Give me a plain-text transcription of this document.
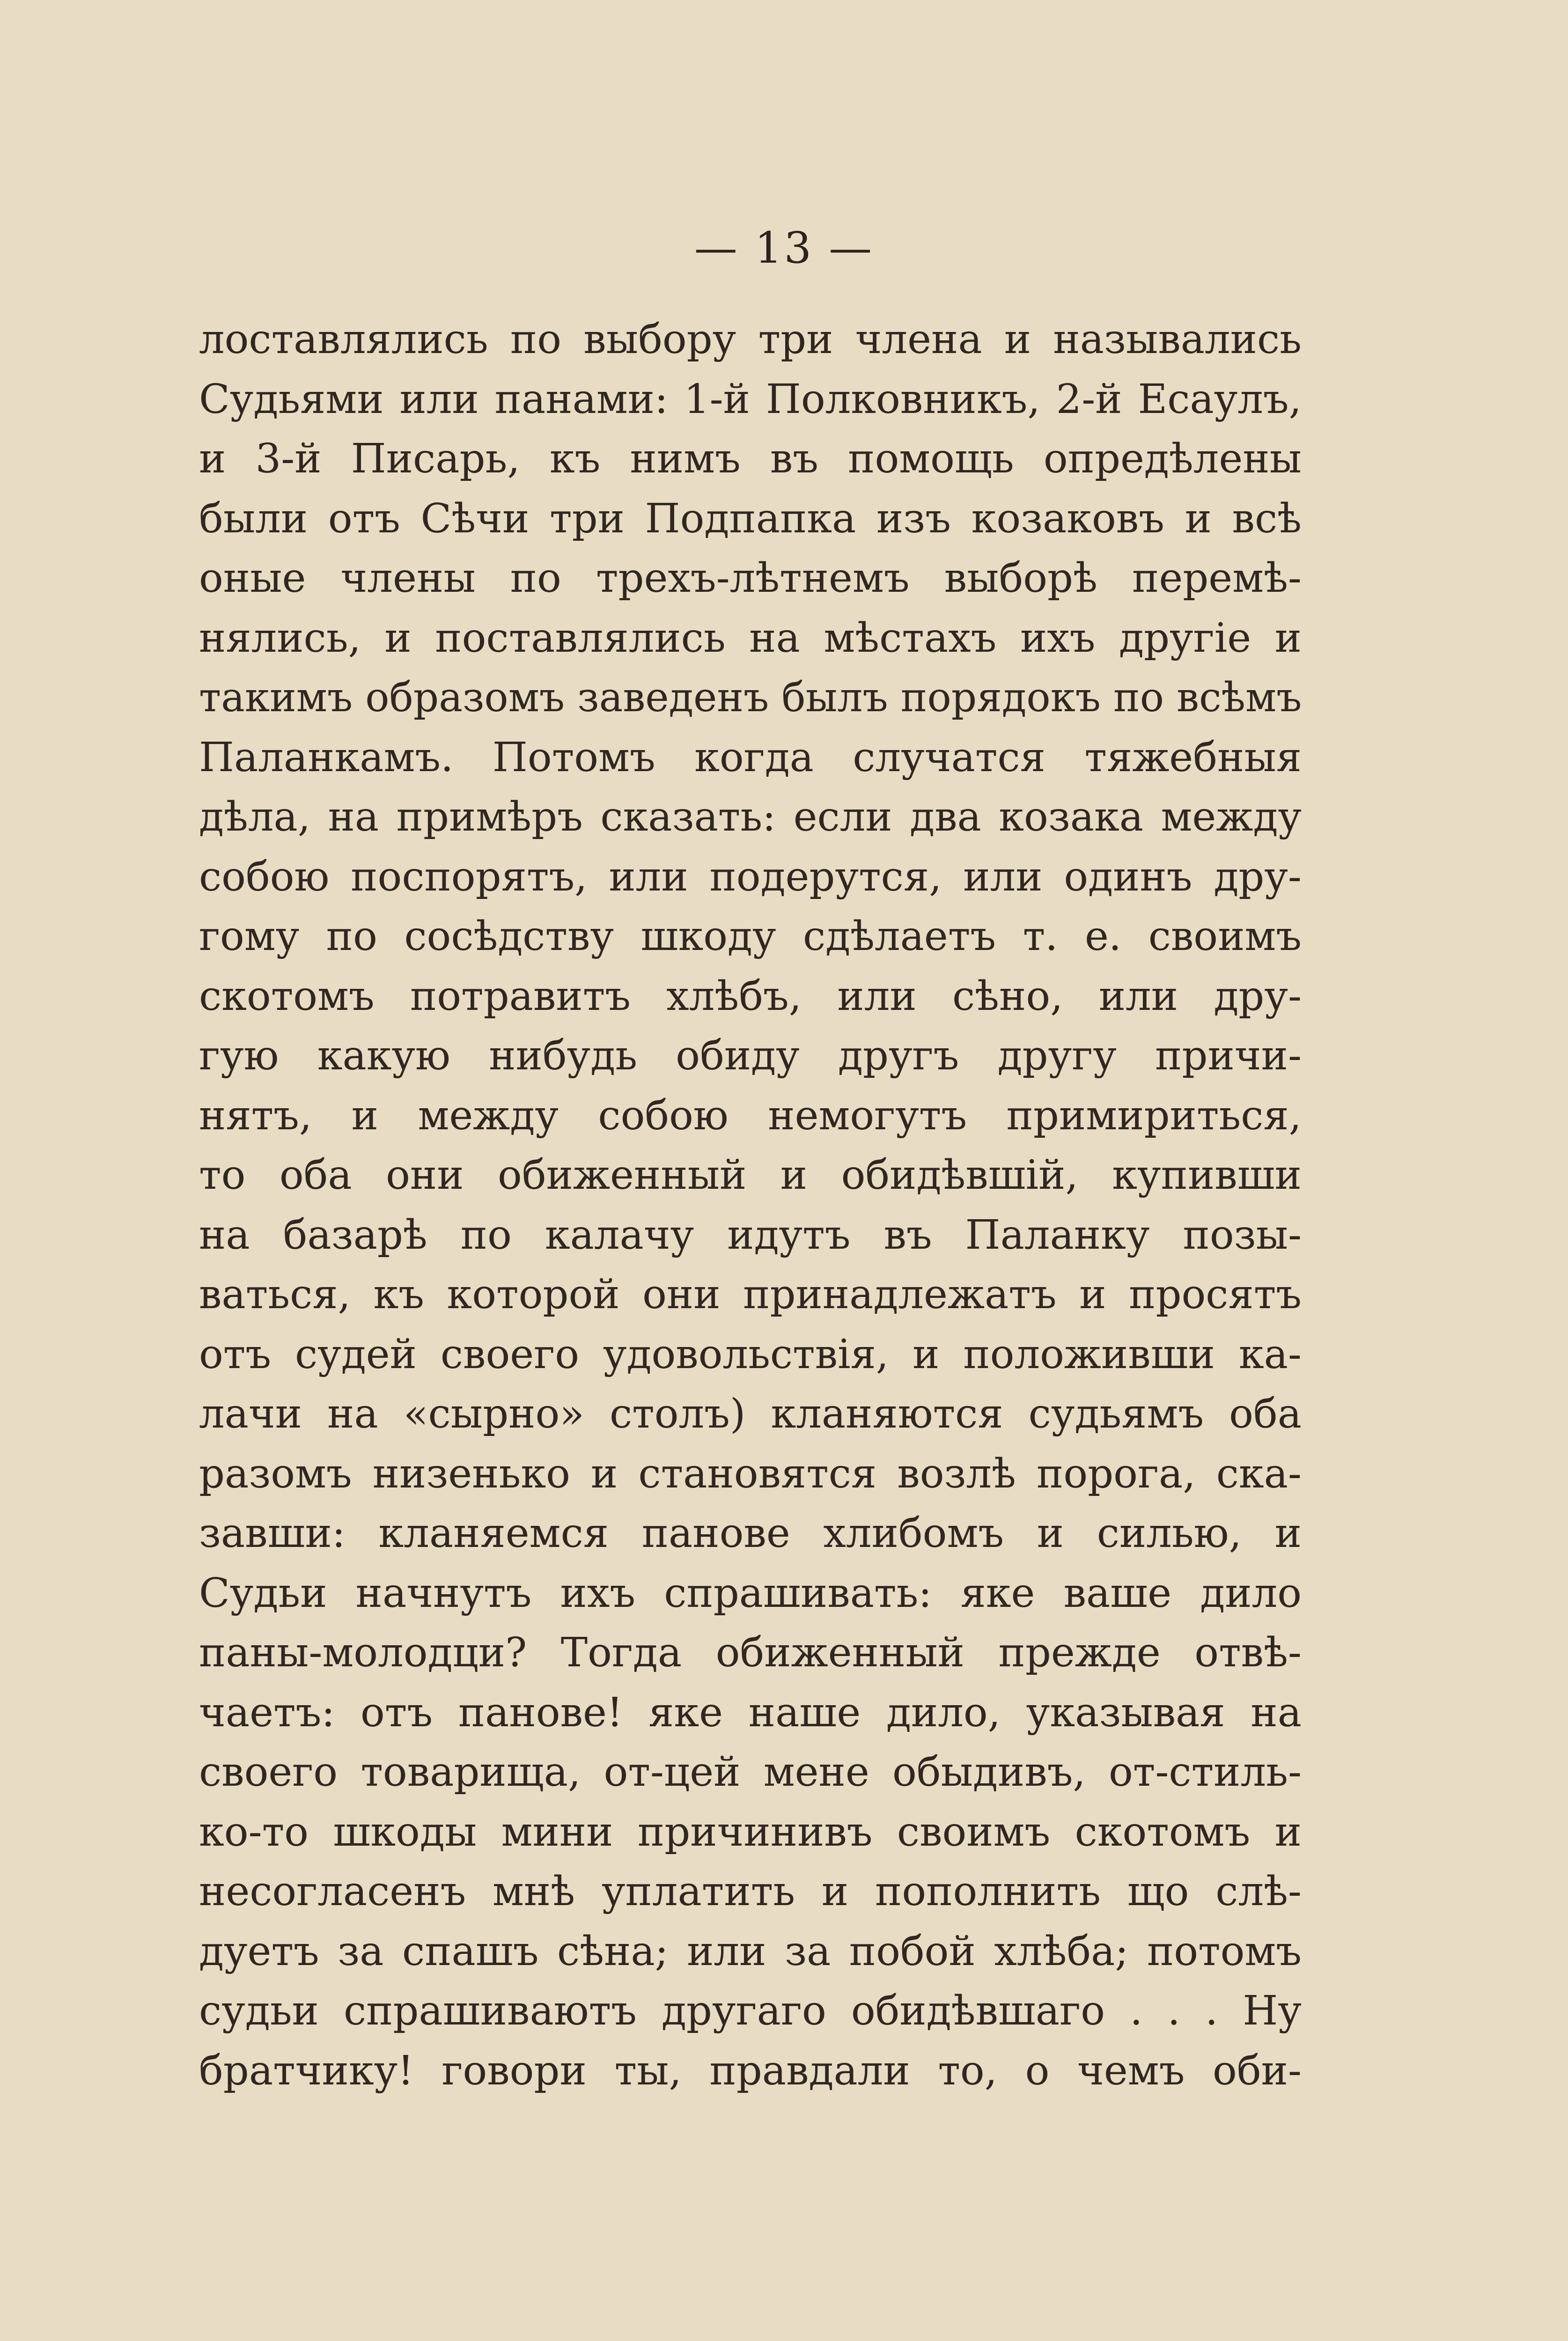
— 13 —
лоставлялись по выбору три члена и назывались
Судьями или панами: 1-й Полковникъ, 2-й Есаулъ,
и 3-й Писарь, къ нимъ въ помощь опредѣлены
были отъ Сѣчи три Подпапка изъ козаковъ и всѣ
оные члены по трехъ-лѣтнемъ выборѣ перемѣ-
нялись, и поставлялись на мѣстахъ ихъ другіе и
такимъ образомъ заведенъ былъ порядокъ по всѣмъ
Паланкамъ. Потомъ когда случатся тяжебныя
дѣла, на примѣръ сказать: если два козака между
собою поспорятъ, или подерутся, или одинъ дру-
гому по сосѣдству шкоду сдѣлаетъ т. е. своимъ
скотомъ потравитъ хлѣбъ, или сѣно, или дру-
гую какую нибудь обиду другъ другу причи-
нятъ, и между собою немогутъ примириться,
то оба они обиженный и обидѣвшій, купивши
на базарѣ по калачу идутъ въ Паланку позы-
ваться, къ которой они принадлежатъ и просятъ
отъ судей своего удовольствія, и положивши ка-
лачи на «сырно» столъ) кланяются судьямъ оба
разомъ низенько и становятся возлѣ порога, ска-
завши: кланяемся панове хлибомъ и силью, и
Судьи начнутъ ихъ спрашивать: яке ваше дило
паны-молодци? Тогда обиженный прежде отвѣ-
чаетъ: отъ панове! яке наше дило, указывая на
своего товарища, от-цей мене обыдивъ, от-стиль-
ко-то шкоды мини причинивъ своимъ скотомъ и
несогласенъ мнѣ уплатить и пополнить що слѣ-
дуетъ за спашъ сѣна; или за побой хлѣба; потомъ
судьи спрашиваютъ другаго обидѣвшаго . . . Ну
братчику! говори ты, правдали то, о чемъ оби-
